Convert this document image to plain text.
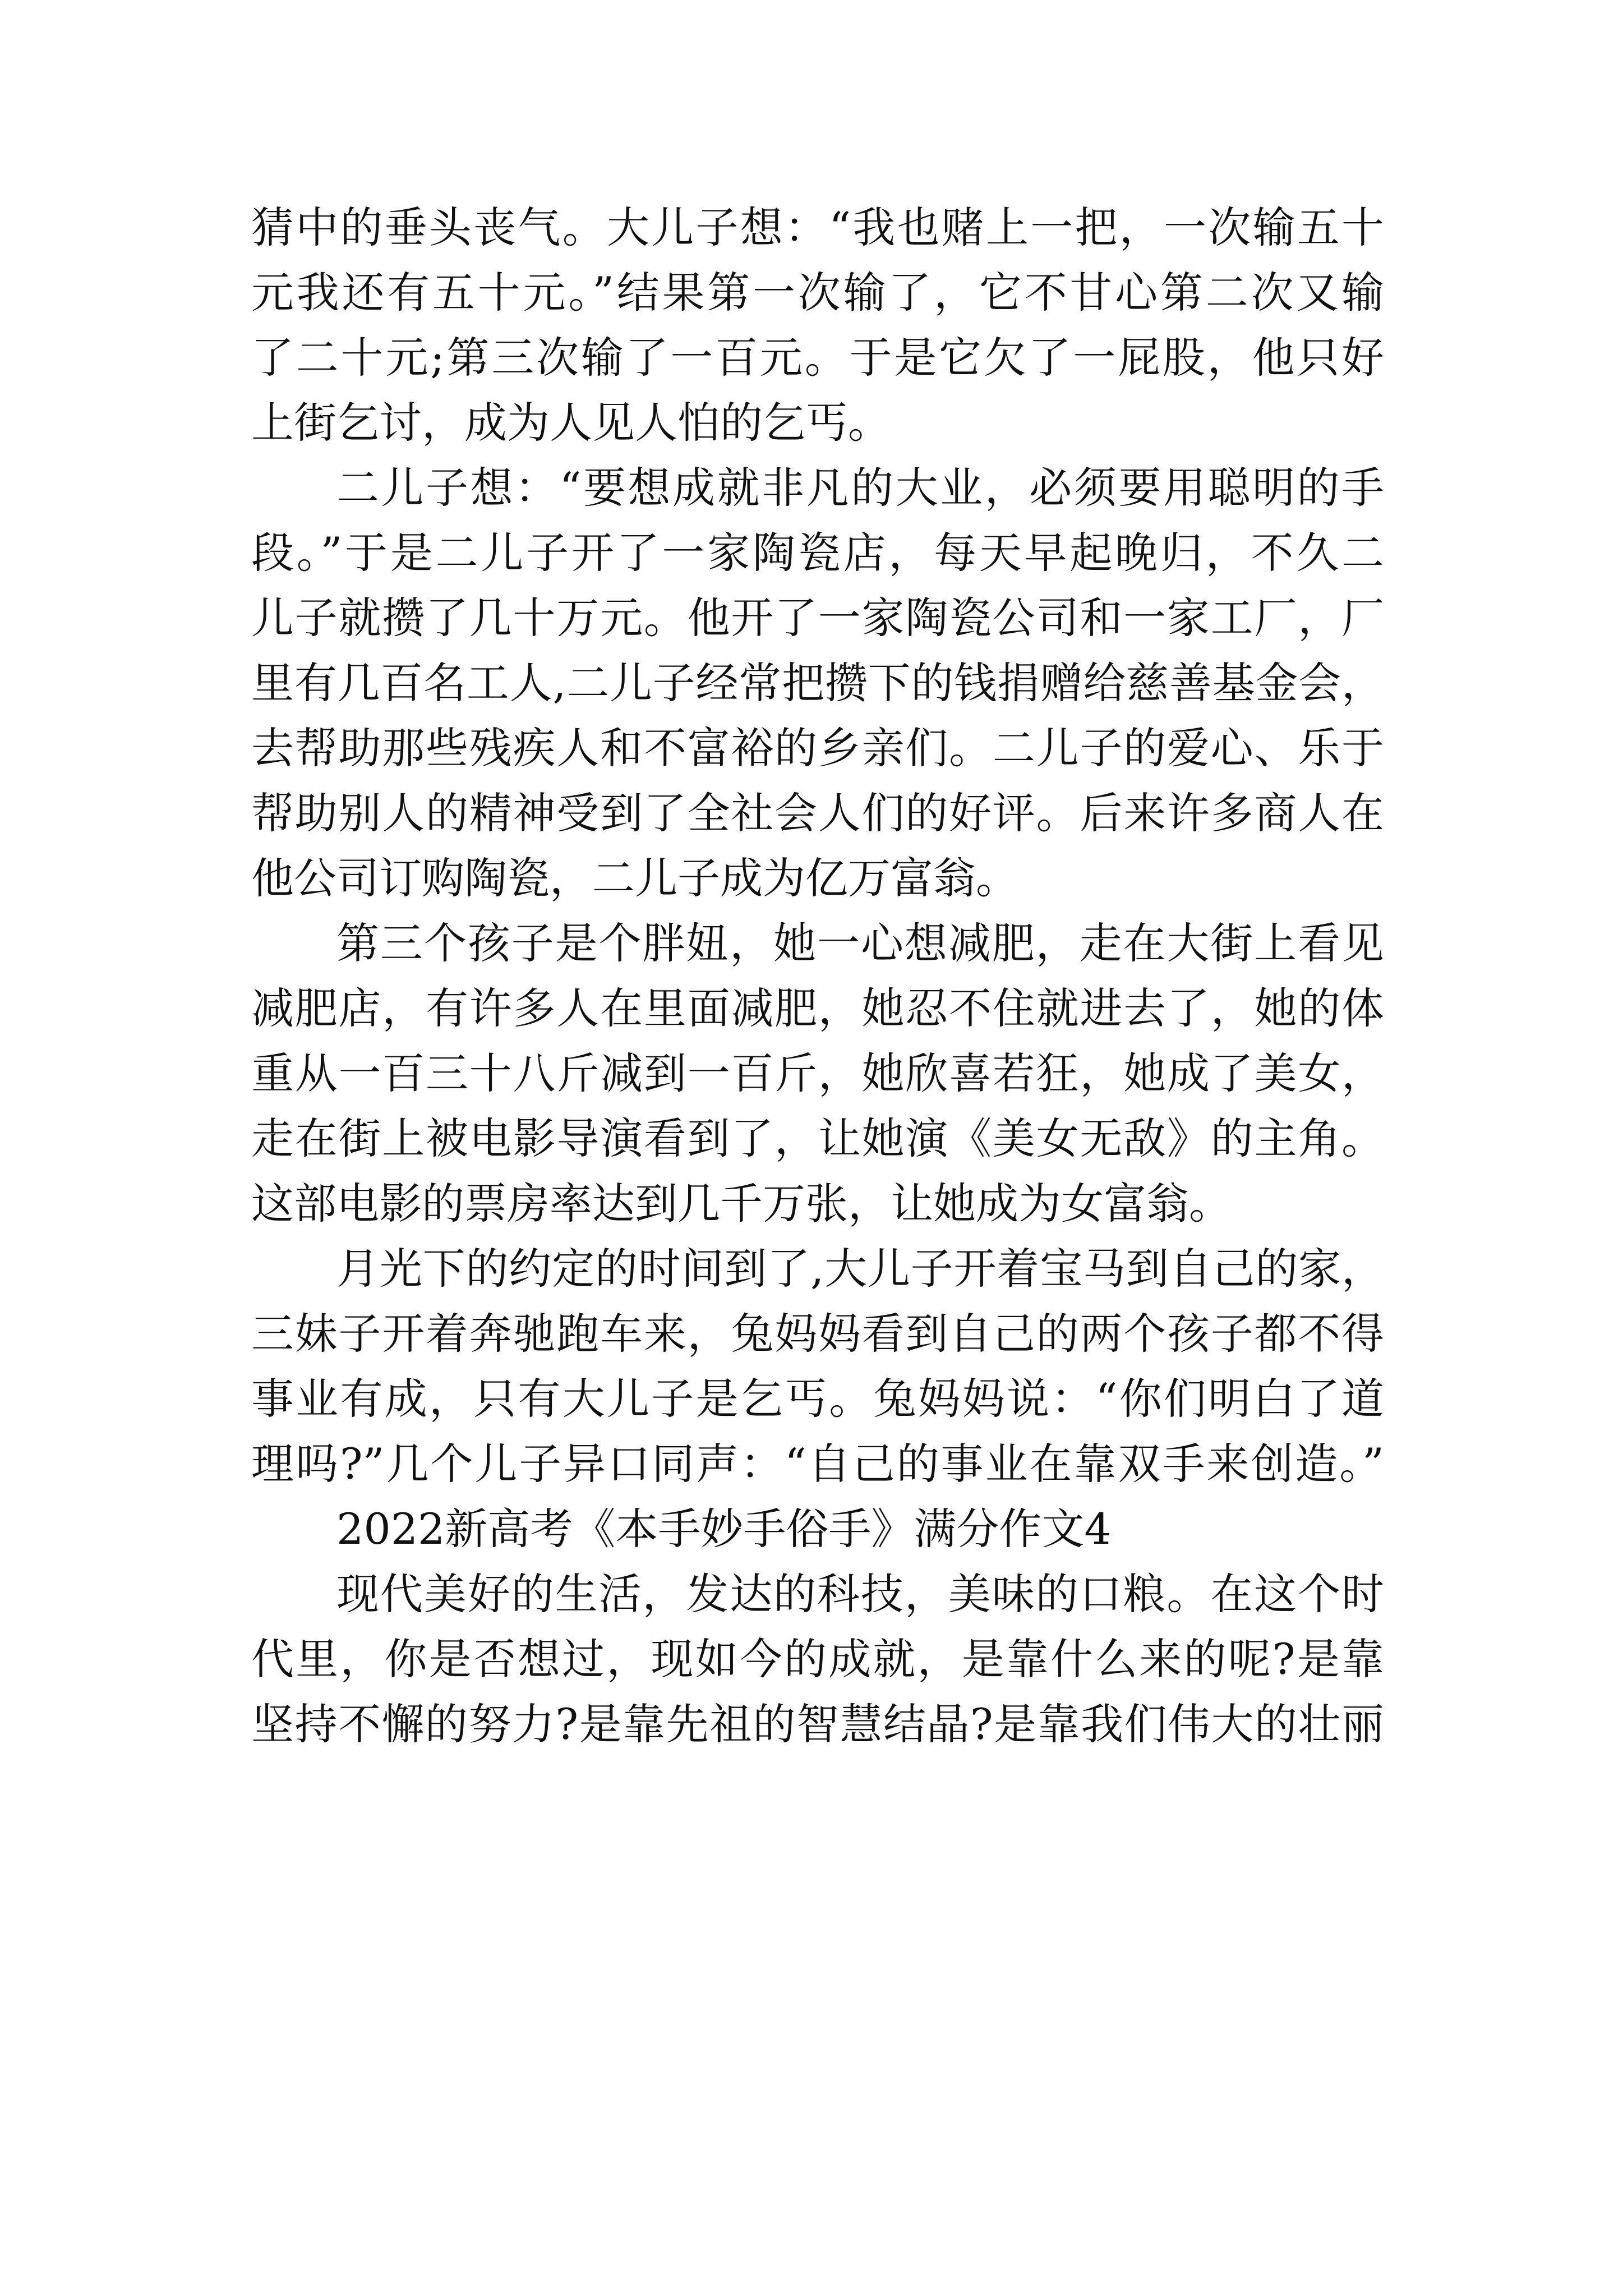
猜中的垂头丧气。大儿子想：“我也赌上一把，一次输五十
元我还有五十元。”结果第一次输了，它不甘心第二次又输
了二十元;第三次输了一百元。于是它欠了一屁股，他只好
上街乞讨，成为人见人怕的乞丐。
二儿子想：“要想成就非凡的大业，必须要用聪明的手
段。”于是二儿子开了一家陶瓷店，每天早起晚归，不久二
儿子就攒了几十万元。他开了一家陶瓷公司和一家工厂，厂
里有几百名工人,二儿子经常把攒下的钱捐赠给慈善基金会，
去帮助那些残疾人和不富裕的乡亲们。二儿子的爱心、乐于
帮助别人的精神受到了全社会人们的好评。后来许多商人在
他公司订购陶瓷，二儿子成为亿万富翁。
第三个孩子是个胖妞，她一心想减肥，走在大街上看见
减肥店，有许多人在里面减肥，她忍不住就进去了，她的体
重从一百三十八斤减到一百斤，她欣喜若狂，她成了美女，
走在街上被电影导演看到了，让她演《美女无敌》的主角。
这部电影的票房率达到几千万张，让她成为女富翁。
月光下的约定的时间到了,大儿子开着宝马到自己的家，
三妹子开着奔驰跑车来，兔妈妈看到自己的两个孩子都不得
事业有成，只有大儿子是乞丐。兔妈妈说：“你们明白了道
理吗?”几个儿子异口同声：“自己的事业在靠双手来创造。”
2022新高考《本手妙手俗手》满分作文4
现代美好的生活，发达的科技，美味的口粮。在这个时
代里，你是否想过，现如今的成就，是靠什么来的呢?是靠
坚持不懈的努力?是靠先祖的智慧结晶?是靠我们伟大的壮丽
